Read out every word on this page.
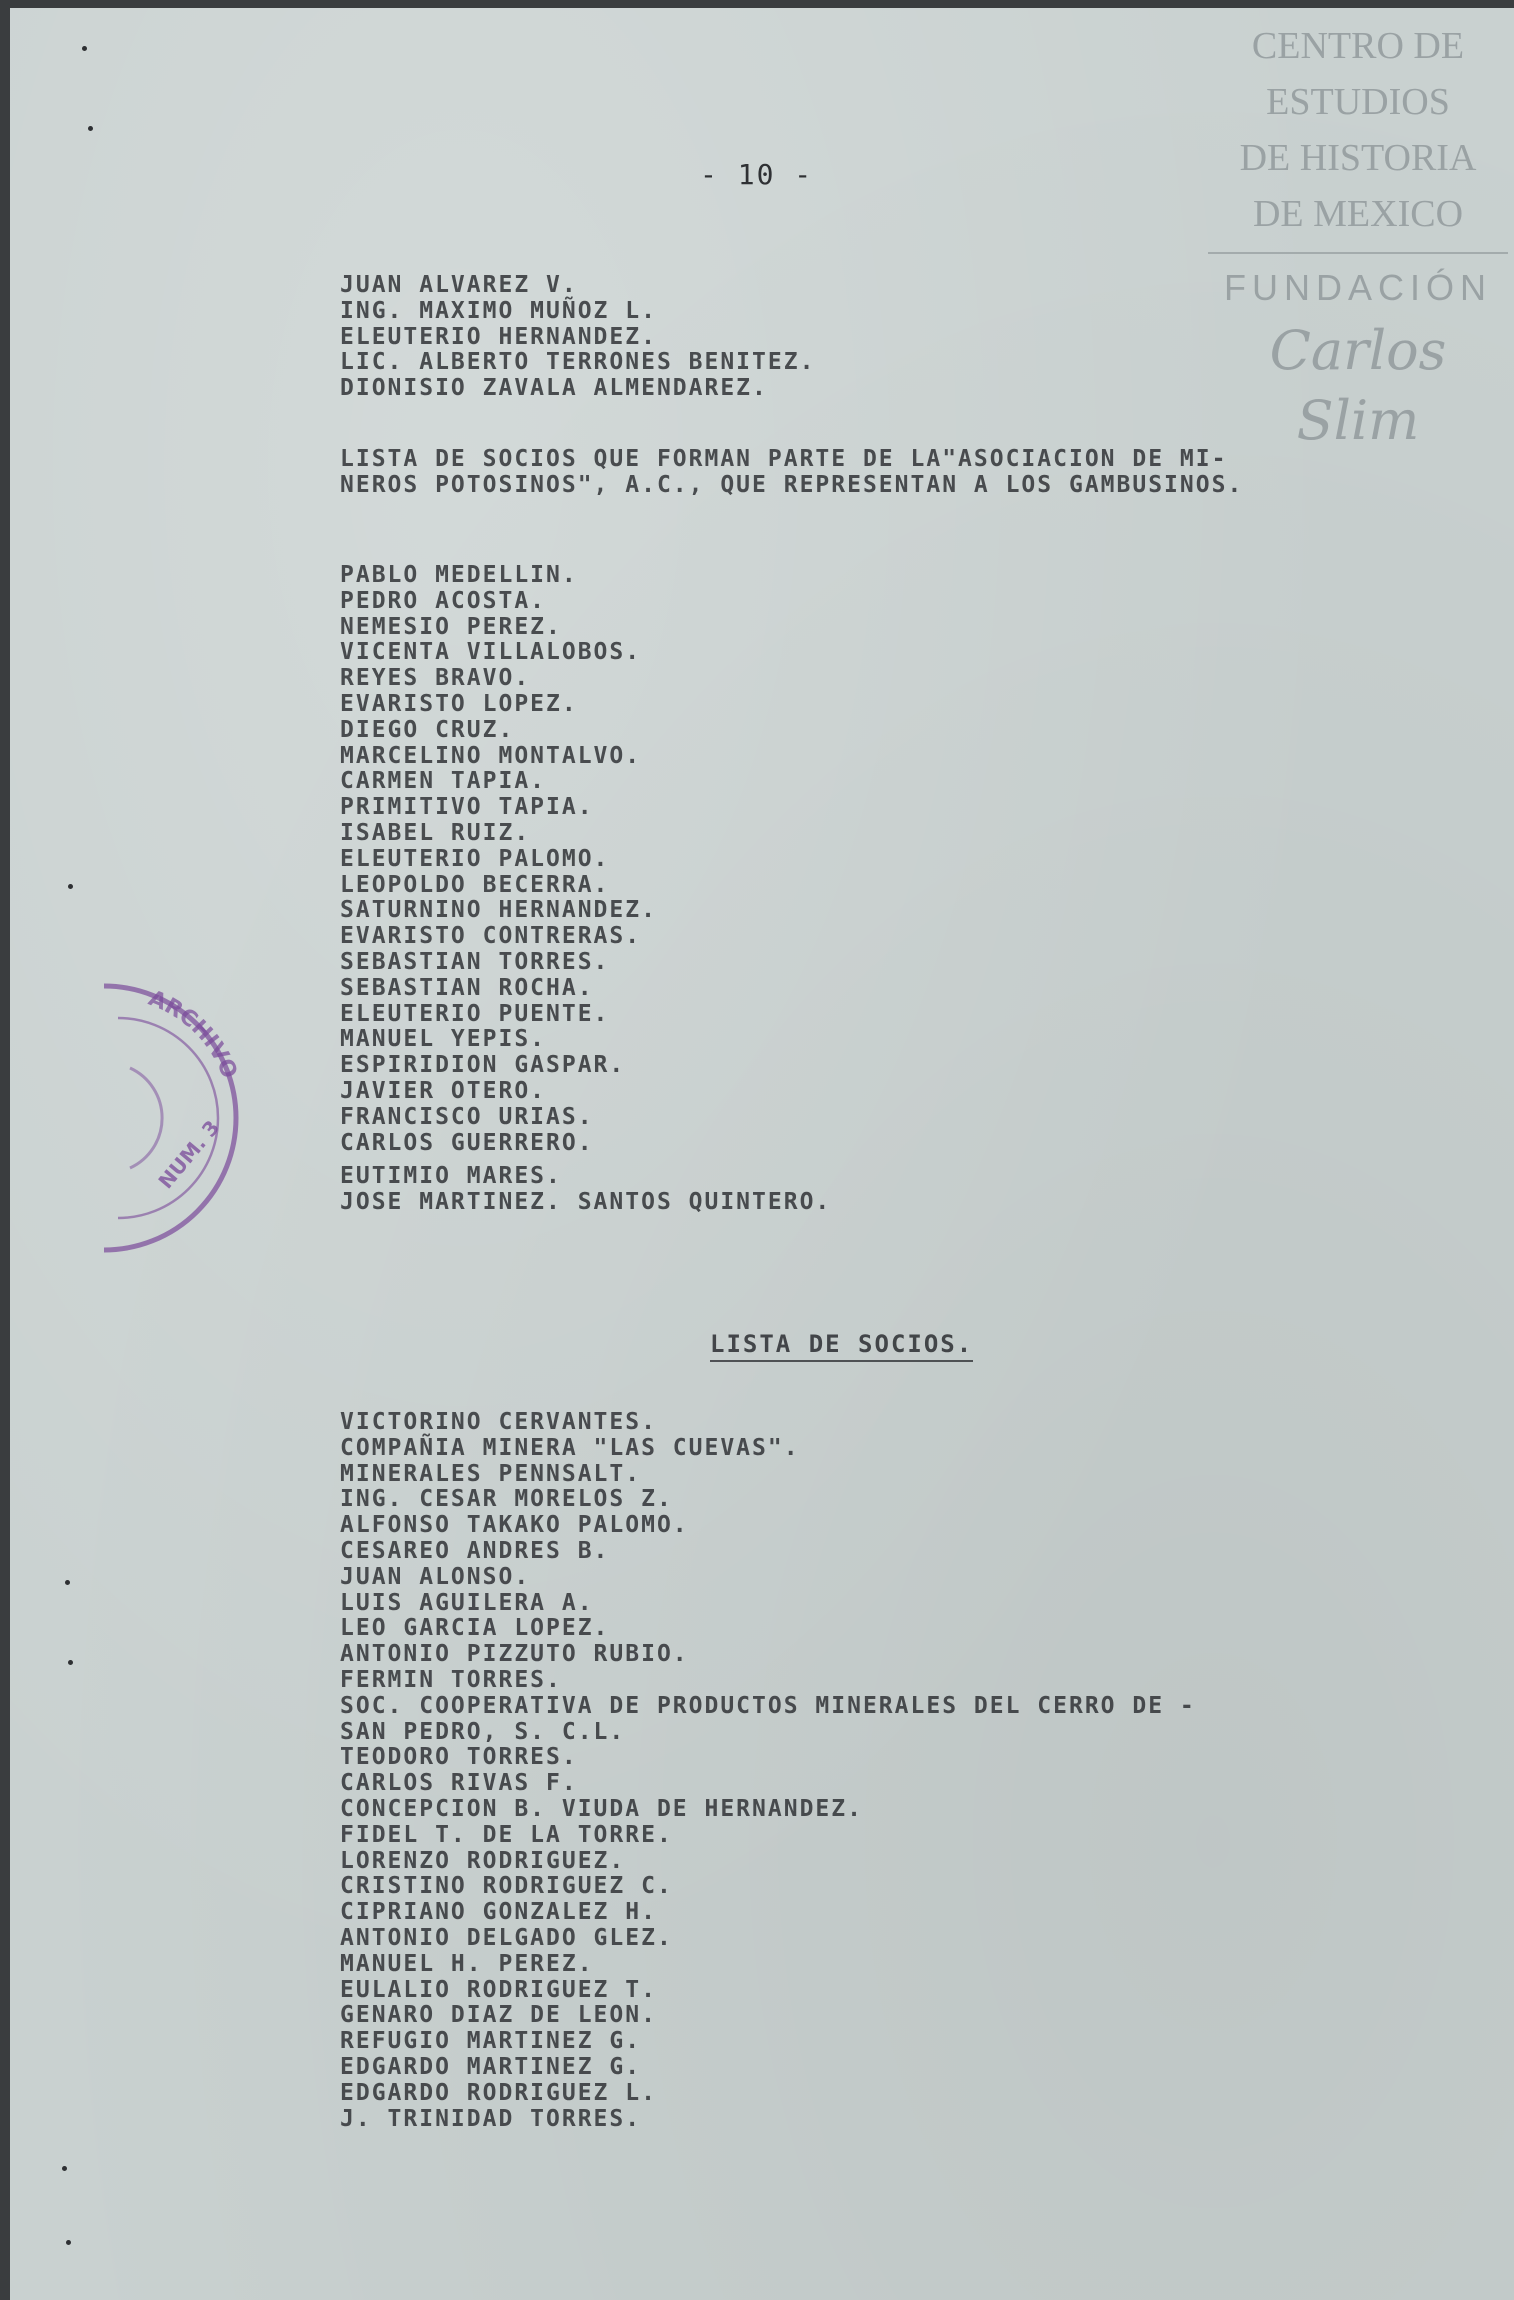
CENTRO DE
ESTUDIOS
DE HISTORIA
DE MEXICO
FUNDACIÓN
Carlos Slim
- 10 -
JUAN ALVAREZ V.
ING. MAXIMO MUÑOZ L.
ELEUTERIO HERNANDEZ.
LIC. ALBERTO TERRONES BENITEZ.
DIONISIO ZAVALA ALMENDAREZ.
LISTA DE SOCIOS QUE FORMAN PARTE DE LA"ASOCIACION DE MI-
NEROS POTOSINOS", A.C., QUE REPRESENTAN A LOS GAMBUSINOS.
PABLO MEDELLIN.
PEDRO ACOSTA.
NEMESIO PEREZ.
VICENTA VILLALOBOS.
REYES BRAVO.
EVARISTO LOPEZ.
DIEGO CRUZ.
MARCELINO MONTALVO.
CARMEN TAPIA.
PRIMITIVO TAPIA.
ISABEL RUIZ.
ELEUTERIO PALOMO.
LEOPOLDO BECERRA.
SATURNINO HERNANDEZ.
EVARISTO CONTRERAS.
SEBASTIAN TORRES.
SEBASTIAN ROCHA.
ELEUTERIO PUENTE.
MANUEL YEPIS.
ESPIRIDION GASPAR.
JAVIER OTERO.
FRANCISCO URIAS.
CARLOS GUERRERO.
EUTIMIO MARES.
JOSE MARTINEZ. SANTOS QUINTERO.
LISTA DE SOCIOS.
VICTORINO CERVANTES.
COMPAÑIA MINERA "LAS CUEVAS".
MINERALES PENNSALT.
ING. CESAR MORELOS Z.
ALFONSO TAKAKO PALOMO.
CESAREO ANDRES B.
JUAN ALONSO.
LUIS AGUILERA A.
LEO GARCIA LOPEZ.
ANTONIO PIZZUTO RUBIO.
FERMIN TORRES.
SOC. COOPERATIVA DE PRODUCTOS MINERALES DEL CERRO DE -
SAN PEDRO, S. C.L.
TEODORO TORRES.
CARLOS RIVAS F.
CONCEPCION B. VIUDA DE HERNANDEZ.
FIDEL T. DE LA TORRE.
LORENZO RODRIGUEZ.
CRISTINO RODRIGUEZ C.
CIPRIANO GONZALEZ H.
ANTONIO DELGADO GLEZ.
MANUEL H. PEREZ.
EULALIO RODRIGUEZ T.
GENARO DIAZ DE LEON.
REFUGIO MARTINEZ G.
EDGARDO MARTINEZ G.
EDGARDO RODRIGUEZ L.
J. TRINIDAD TORRES.
ARCHIVO
NUM. 3
